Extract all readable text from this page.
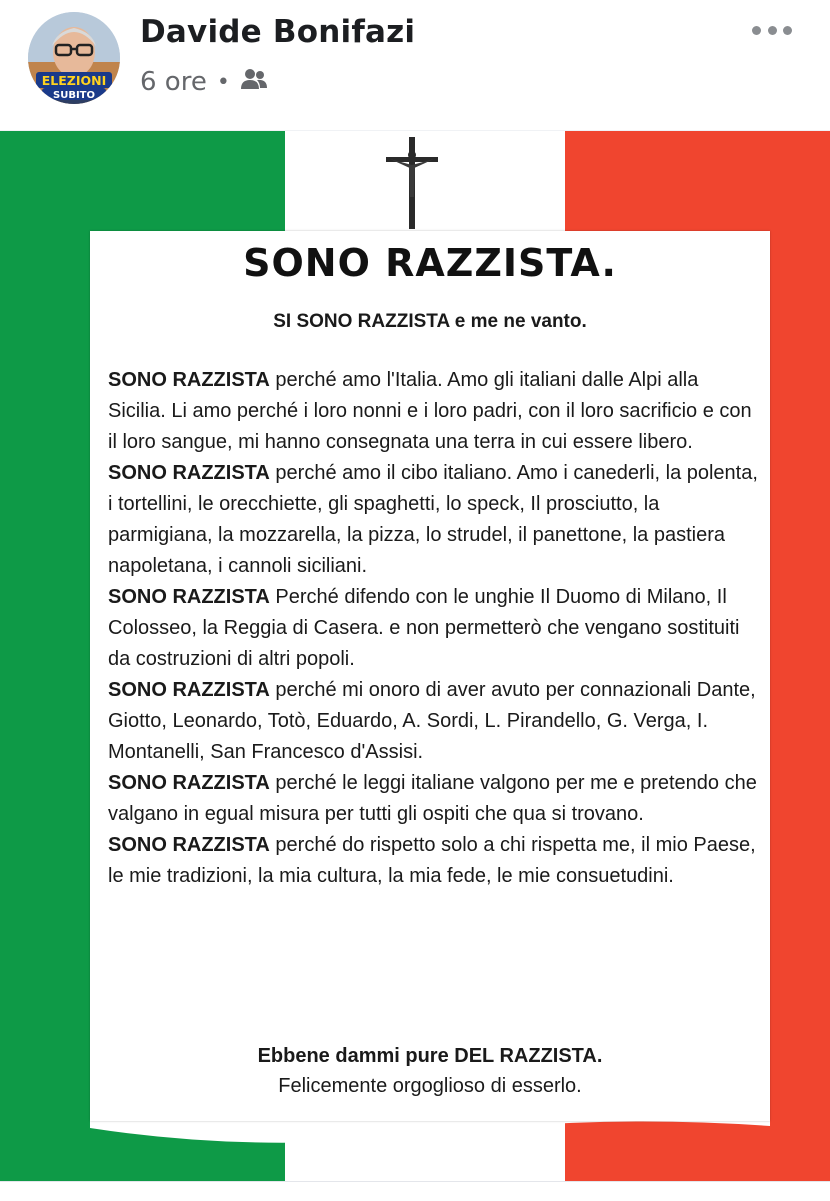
ELEZIONI
SUBITO
Davide Bonifazi
6 ore •
SONO RAZZISTA.
SI SONO RAZZISTA e me ne vanto.

SONO RAZZISTA perché amo l'Italia. Amo gli italiani dalle Alpi alla Sicilia. Li amo perché i loro nonni e i loro padri, con il loro sacrificio e con il loro sangue, mi hanno consegnata una terra in cui essere libero.

SONO RAZZISTA perché amo il cibo italiano. Amo i canederli, la polenta, i tortellini, le orecchiette, gli spaghetti, lo speck, Il prosciutto, la parmigiana, la mozzarella, la pizza, lo strudel, il panettone, la pastiera napoletana, i cannoli siciliani.

SONO RAZZISTA Perché difendo con le unghie Il Duomo di Milano, Il Colosseo, la Reggia di Casera. e non permetterò che vengano sostituiti da costruzioni di altri popoli.

SONO RAZZISTA perché mi onoro di aver avuto per connazionali Dante, Giotto, Leonardo, Totò, Eduardo, A. Sordi, L. Pirandello, G. Verga, I. Montanelli, San Francesco d'Assisi.

SONO RAZZISTA perché le leggi italiane valgono per me e pretendo che valgano in egual misura per tutti gli ospiti che qua si trovano.

SONO RAZZISTA perché do rispetto solo a chi rispetta me, il mio Paese, le mie tradizioni, la mia cultura, la mia fede, le mie consuetudini.

Ebbene dammi pure DEL RAZZISTA.
Felicemente orgoglioso di esserlo.
